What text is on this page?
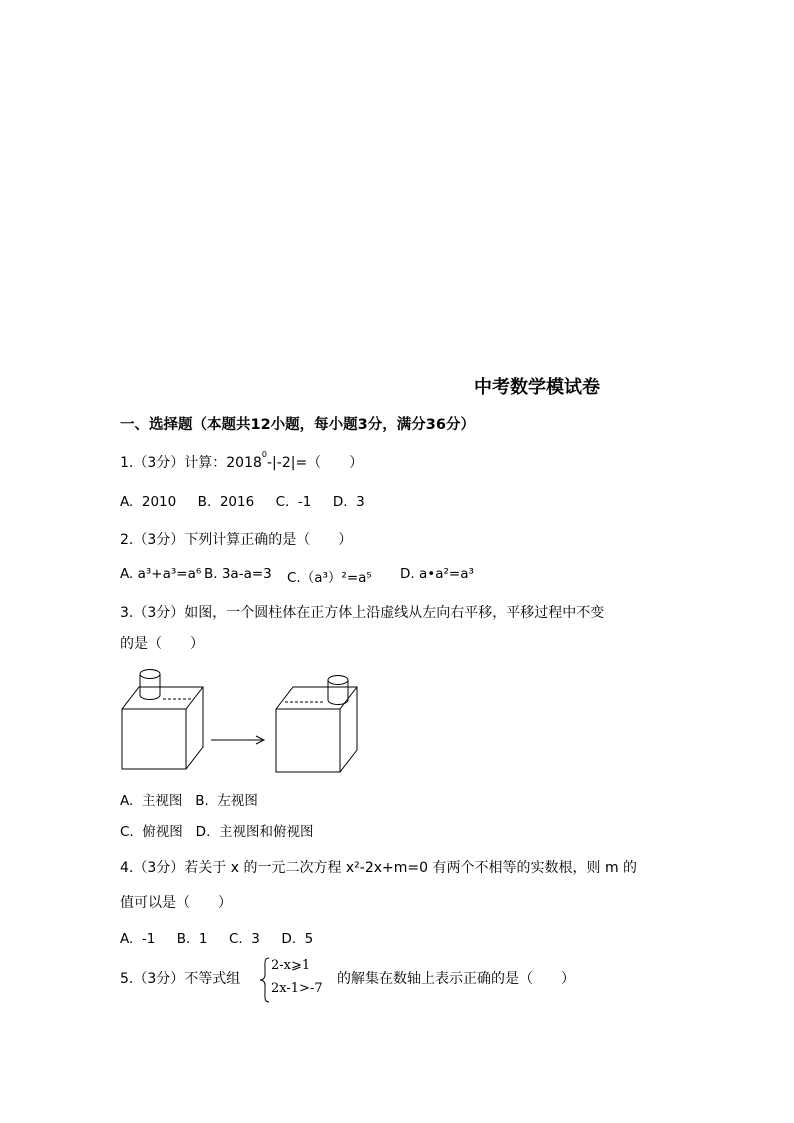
中考数学模试卷
一、选择题（本题共12小题，每小题3分，满分36分）
1.（3分）计算：$2018^0-|-2|=$（　　）
A.  2010     B.  2016     C.  -1     D.  3
2.（3分）下列计算正确的是（　　）
A. a³+a³=a⁶ B. 3a-a=3 C.（a³）²=a⁵ D. a•a²=a³
3.（3分）如图，一个圆柱体在正方体上沿虚线从左向右平移，平移过程中不变
的是（　　）
A.  主视图   B.  左视图
C.  俯视图   D.  主视图和俯视图
4.（3分）若关于 x 的一元二次方程 x²-2x+m=0 有两个不相等的实数根，则 m 的
值可以是（　　）
A.  -1     B.  1     C.  3     D.  5
5.（3分）不等式组
2-x⩾1
2x-1>-7
的解集在数轴上表示正确的是（　　）
